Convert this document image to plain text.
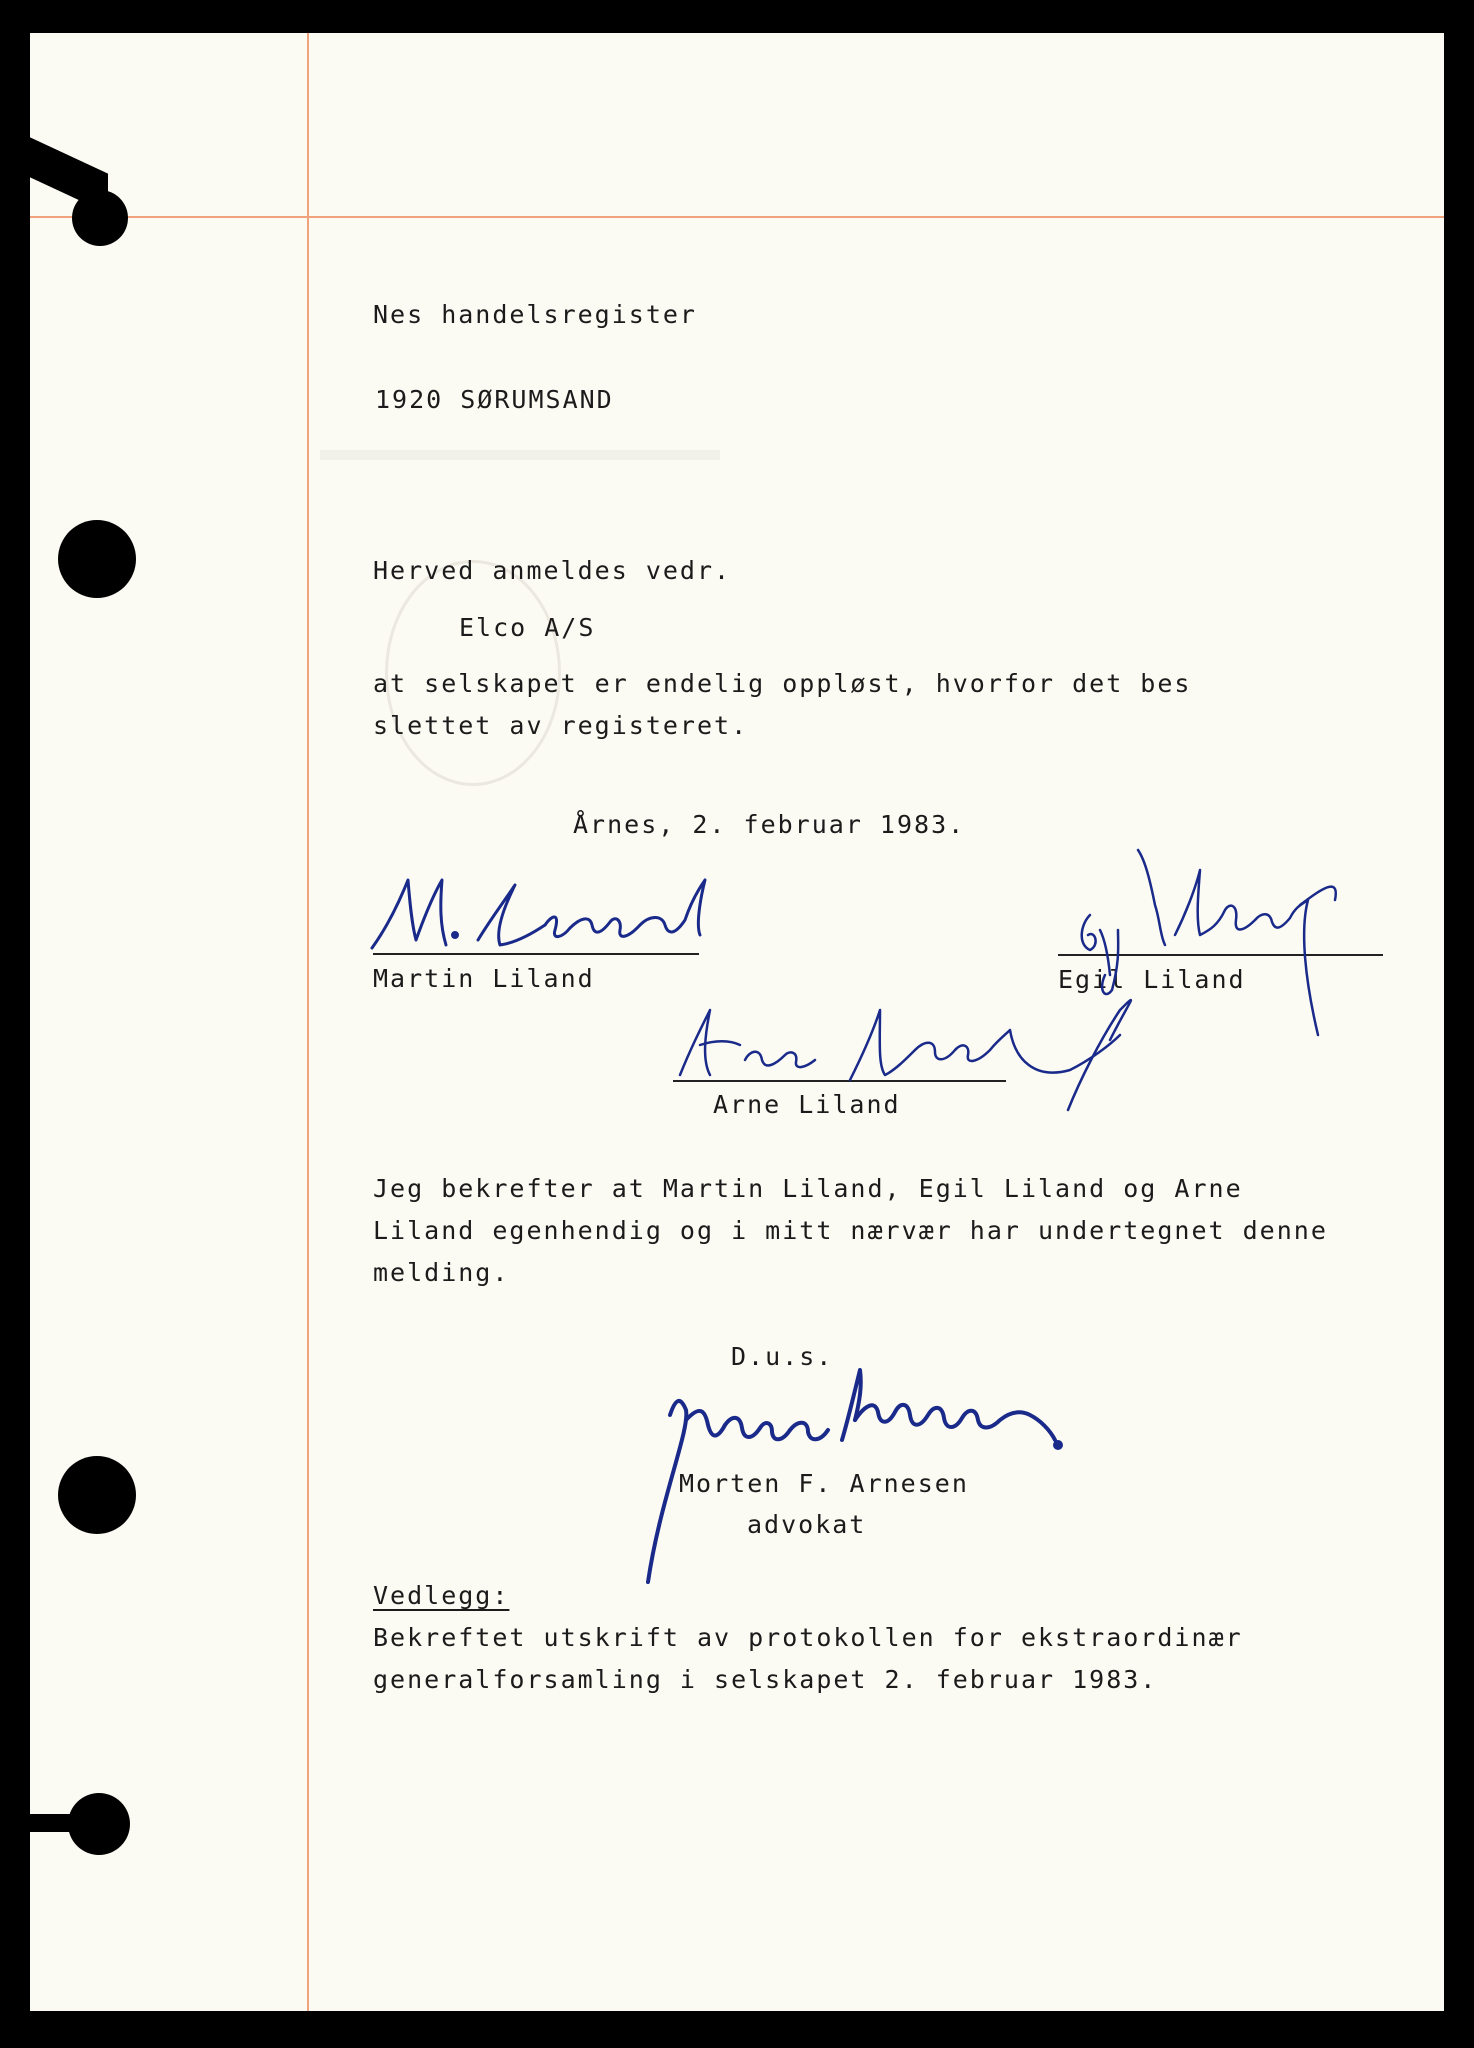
Nes handelsregister
1920 SØRUMSAND
Herved anmeldes vedr.
Elco A/S
at selskapet er endelig oppløst, hvorfor det bes
slettet av registeret.
Årnes, 2. februar 1983.
Martin Liland	Egil Liland
Arne Liland
Jeg bekrefter at Martin Liland, Egil Liland og Arne
Liland egenhendig og i mitt nærvær har undertegnet denne
melding.
D.u.s.
Morten F. Arnesen
advokat
Vedlegg:
Bekreftet utskrift av protokollen for ekstraordinær
generalforsamling i selskapet 2. februar 1983.
